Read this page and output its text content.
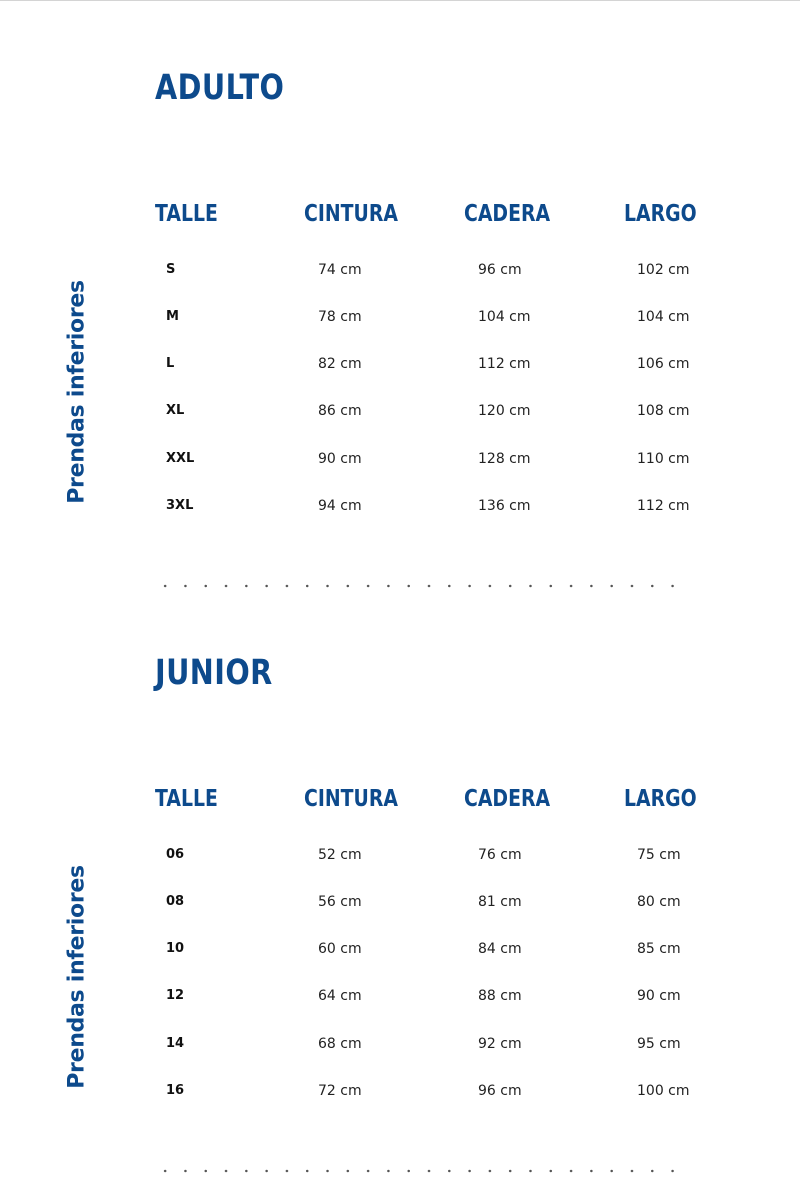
ADULTO
Prendas inferiores
TALLE	CINTURA	CADERA	LARGO
S	74 cm	96 cm	102 cm
M	78 cm	104 cm	104 cm
L	82 cm	112 cm	106 cm
XL	86 cm	120 cm	108 cm
XXL	90 cm	128 cm	110 cm
3XL	94 cm	136 cm	112 cm
JUNIOR
Prendas inferiores
TALLE	CINTURA	CADERA	LARGO
06	52 cm	76 cm	75 cm
08	56 cm	81 cm	80 cm
10	60 cm	84 cm	85 cm
12	64 cm	88 cm	90 cm
14	68 cm	92 cm	95 cm
16	72 cm	96 cm	100 cm
